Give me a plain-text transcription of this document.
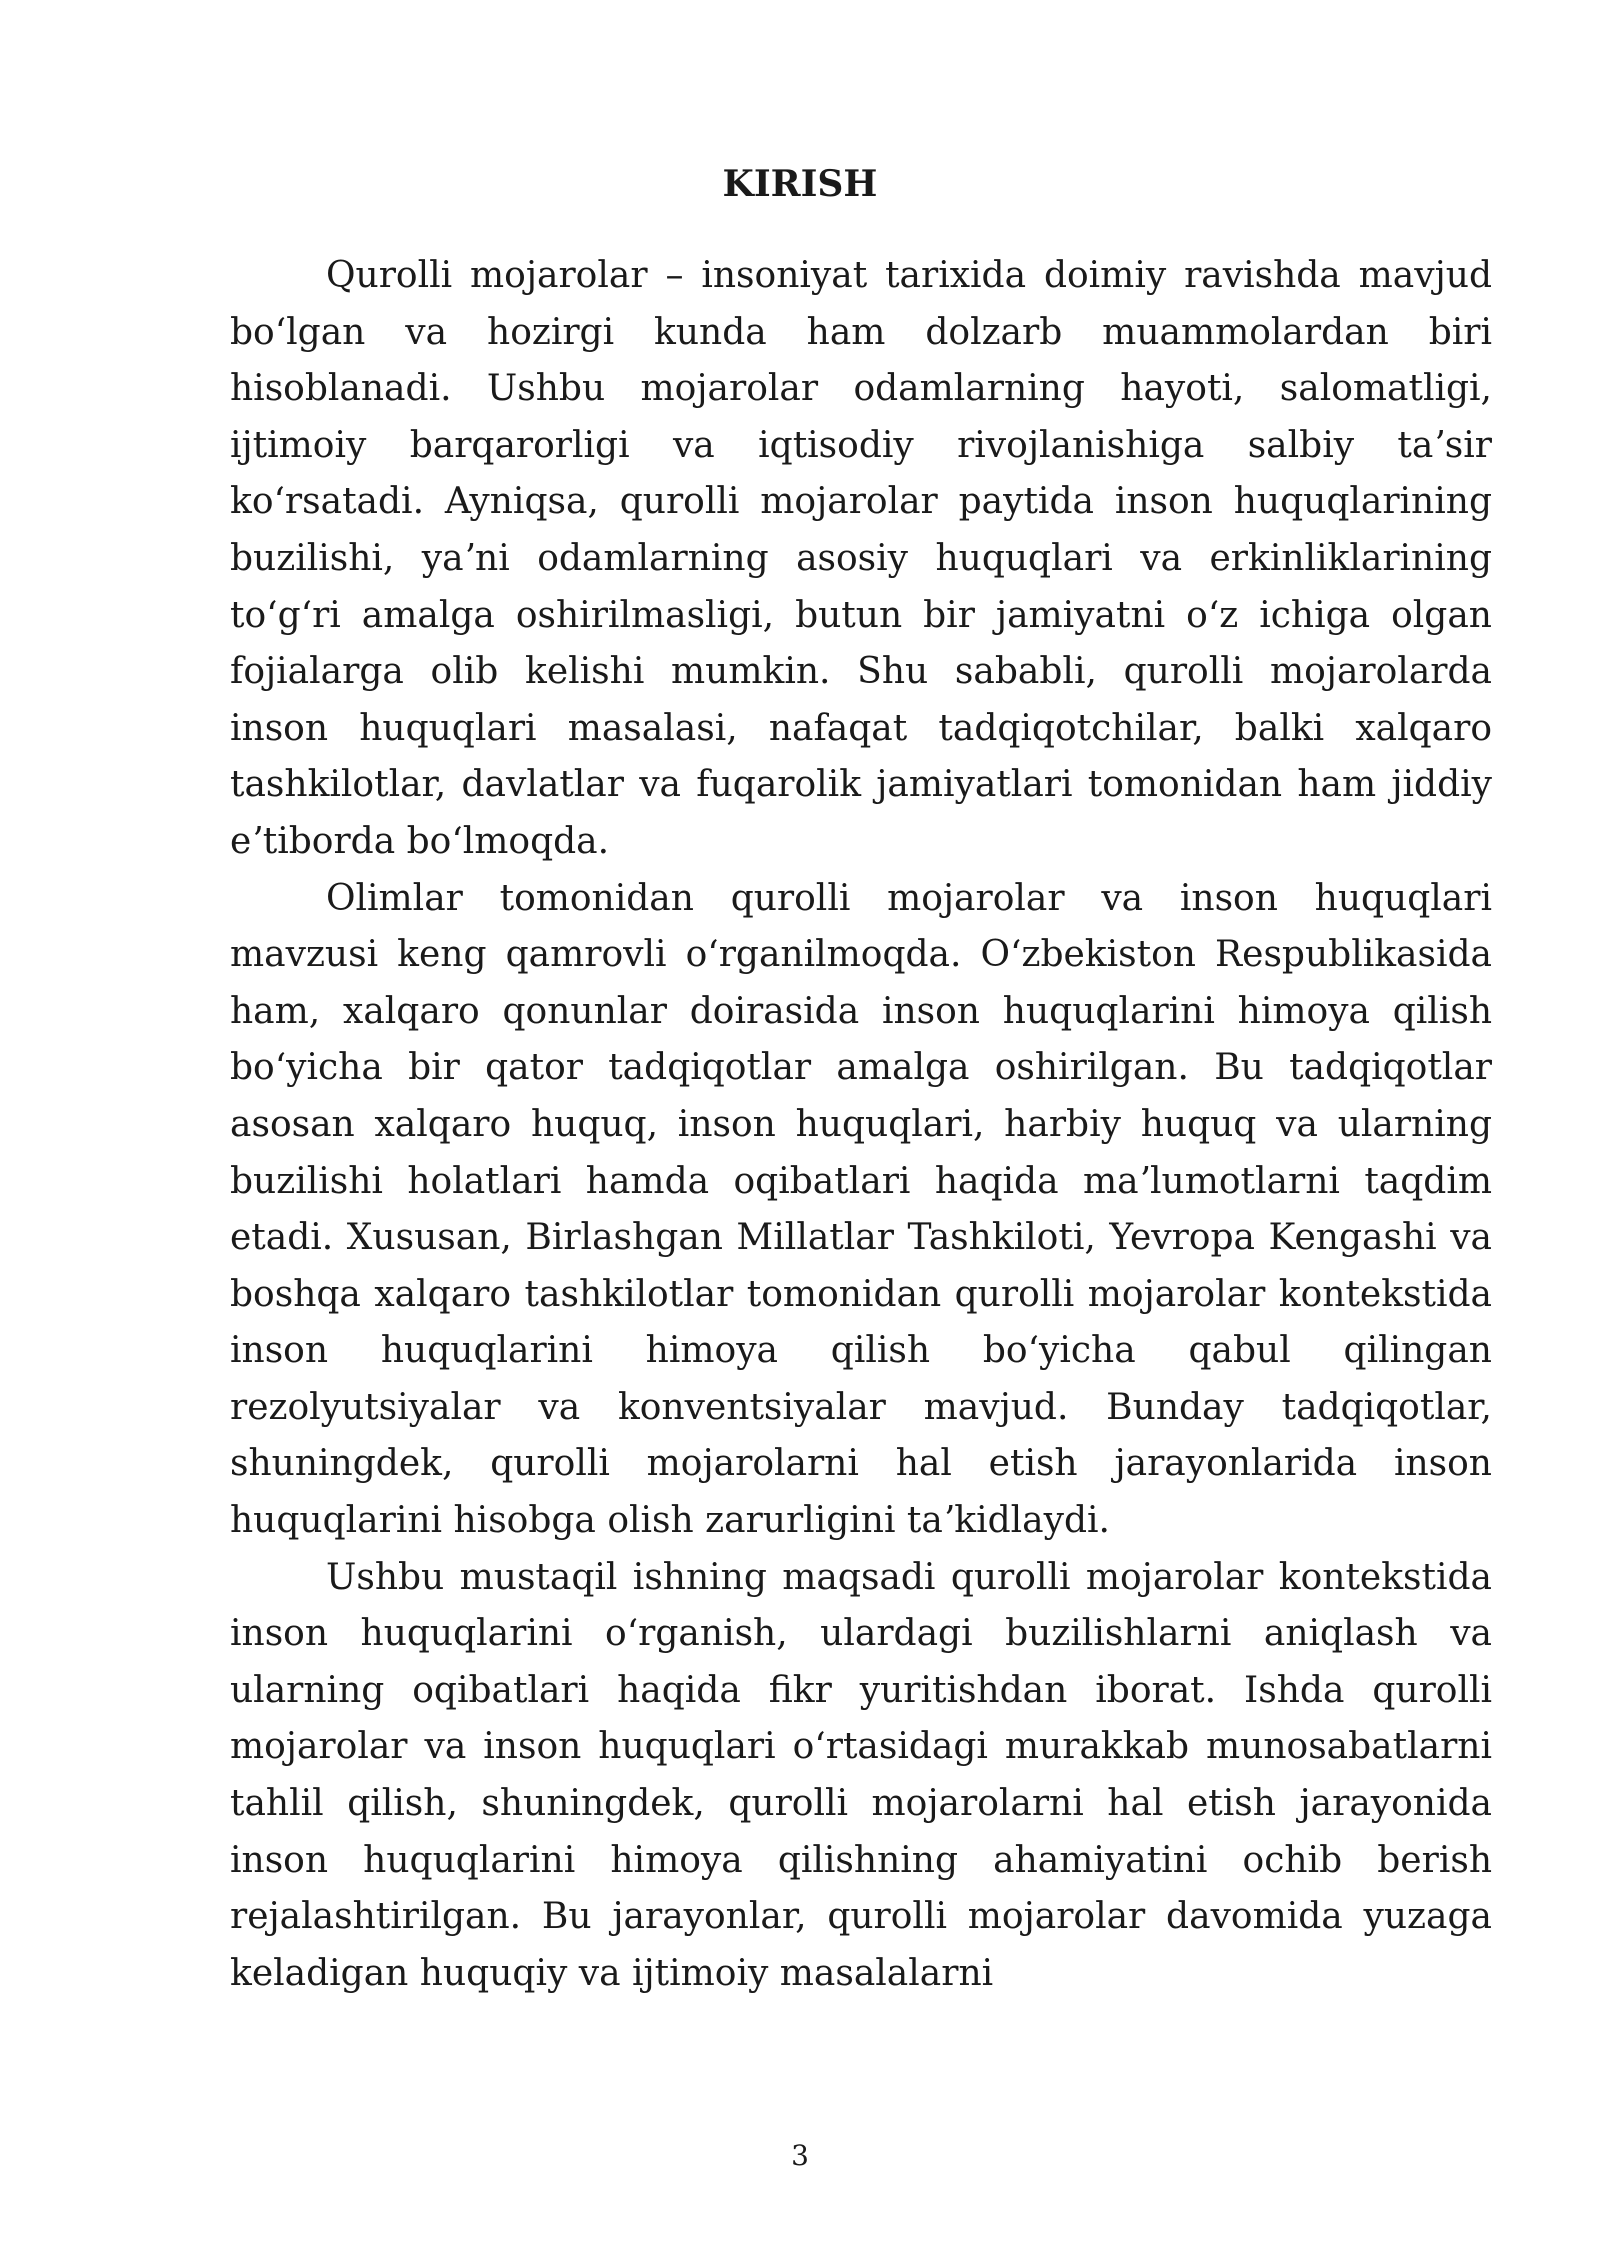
KIRISH

Qurolli mojarolar – insoniyat tarixida doimiy ravishda mavjud boʻlgan va hozirgi kunda ham dolzarb muammolardan biri hisoblanadi. Ushbu mojarolar odamlarning hayoti, salomatligi, ijtimoiy barqarorligi va iqtisodiy rivojlanishiga salbiy taʼsir koʻrsatadi. Ayniqsa, qurolli mojarolar paytida inson huquqlarining buzilishi, yaʼni odamlarning asosiy huquqlari va erkinliklarining toʻgʻri amalga oshirilmasligi, butun bir jamiyatni oʻz ichiga olgan fojialarga olib kelishi mumkin. Shu sababli, qurolli mojarolarda inson huquqlari masalasi, nafaqat tadqiqotchilar, balki xalqaro tashkilotlar, davlatlar va fuqarolik jamiyatlari tomonidan ham jiddiy eʼtiborda boʻlmoqda.

Olimlar tomonidan qurolli mojarolar va inson huquqlari mavzusi keng qamrovli oʻrganilmoqda. Oʻzbekiston Respublikasida ham, xalqaro qonunlar doirasida inson huquqlarini himoya qilish boʻyicha bir qator tadqiqotlar amalga oshirilgan. Bu tadqiqotlar asosan xalqaro huquq, inson huquqlari, harbiy huquq va ularning buzilishi holatlari hamda oqibatlari haqida maʼlumotlarni taqdim etadi. Xususan, Birlashgan Millatlar Tashkiloti, Yevropa Kengashi va boshqa xalqaro tashkilotlar tomonidan qurolli mojarolar kontekstida inson huquqlarini himoya qilish boʻyicha qabul qilingan rezolyutsiyalar va konventsiyalar mavjud. Bunday tadqiqotlar, shuningdek, qurolli mojarolarni hal etish jarayonlarida inson huquqlarini hisobga olish zarurligini taʼkidlaydi.

Ushbu mustaqil ishning maqsadi qurolli mojarolar kontekstida inson huquqlarini oʻrganish, ulardagi buzilishlarni aniqlash va ularning oqibatlari haqida fikr yuritishdan iborat. Ishda qurolli mojarolar va inson huquqlari oʻrtasidagi murakkab munosabatlarni tahlil qilish, shuningdek, qurolli mojarolarni hal etish jarayonida inson huquqlarini himoya qilishning ahamiyatini ochib berish rejalashtirilgan. Bu jarayonlar, qurolli mojarolar davomida yuzaga keladigan huquqiy va ijtimoiy masalalarni

3
